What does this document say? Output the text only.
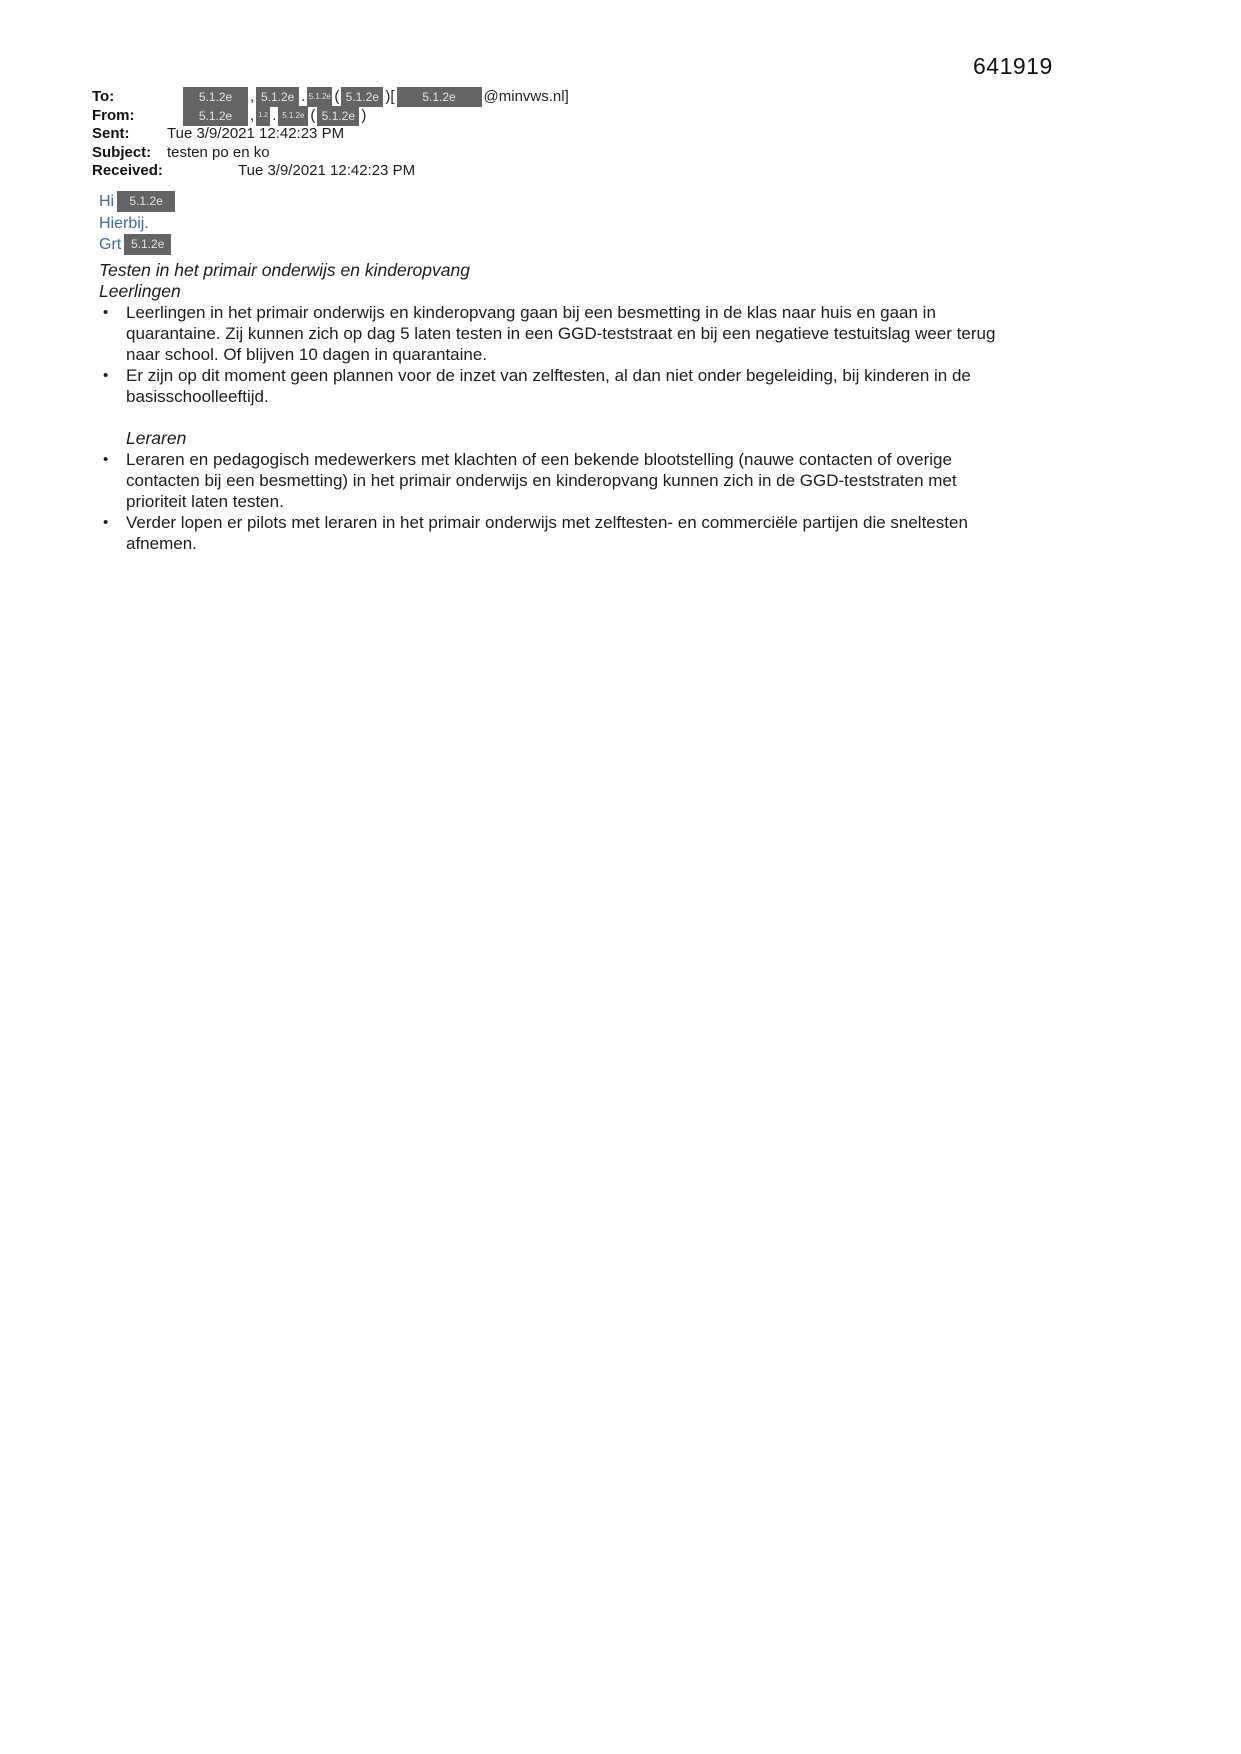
641919
To:	5.1.2e	, 5.1.2e . 5.1.2e ( 5.1.2e )[	5.1.2e	@minvws.nl]
From:	5.1.2e	, 1.2 . 5.1.2e ( 5.1.2e )
Sent:	Tue 3/9/2021 12:42:23 PM
Subject:	testen po en ko
Received:	Tue 3/9/2021 12:42:23 PM
Hi	5.1.2e
Hierbij.
Grt 5.1.2e

Testen in het primair onderwijs en kinderopvang

Leerlingen

• Leerlingen in het primair onderwijs en kinderopvang gaan bij een besmetting in de klas naar huis en gaan in quarantaine. Zij kunnen zich op dag 5 laten testen in een GGD-teststraat en bij een negatieve testuitslag weer terug naar school. Of blijven 10 dagen in quarantaine.
• Er zijn op dit moment geen plannen voor de inzet van zelftesten, al dan niet onder begeleiding, bij kinderen in de basisschoolleeftijd.

Leraren

• Leraren en pedagogisch medewerkers met klachten of een bekende blootstelling (nauwe contacten of overige contacten bij een besmetting) in het primair onderwijs en kinderopvang kunnen zich in de GGD-teststraten met prioriteit laten testen.
• Verder lopen er pilots met leraren in het primair onderwijs met zelftesten- en commerciële partijen die sneltesten afnemen.
